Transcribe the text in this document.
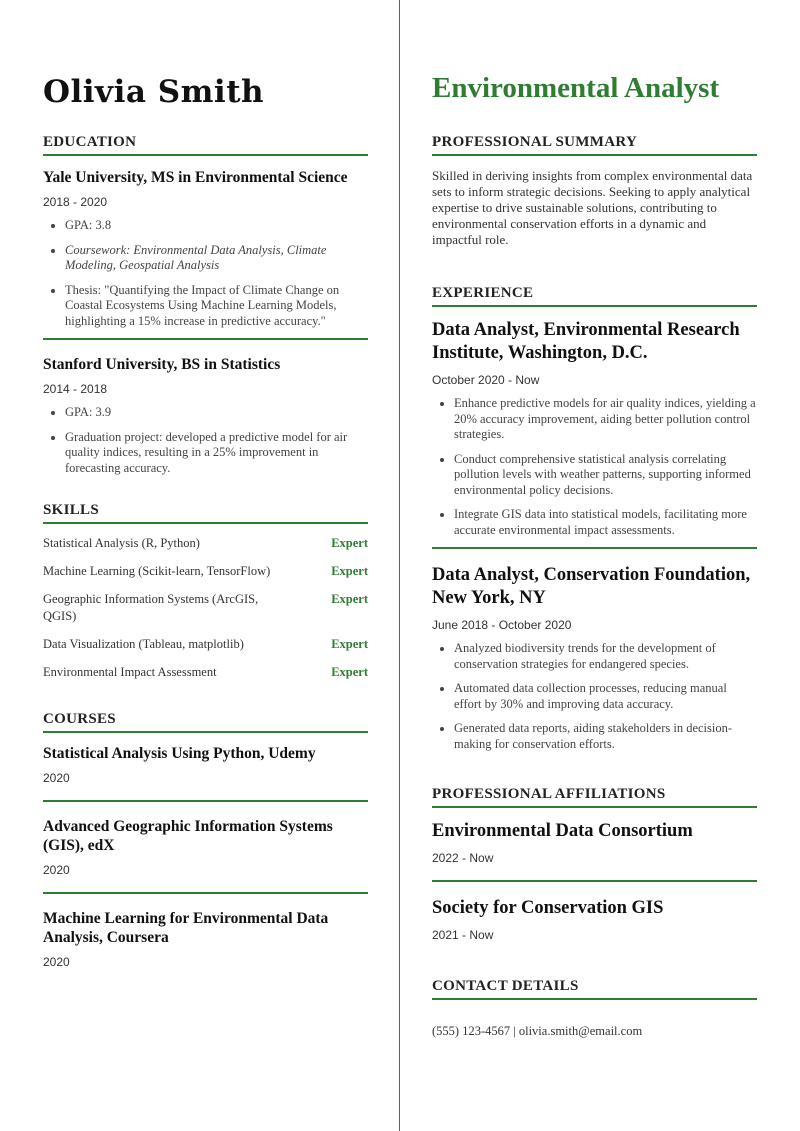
Olivia Smith
EDUCATION
Yale University, MS in Environmental Science
2018 - 2020
• GPA: 3.8
• Coursework: Environmental Data Analysis, Climate Modeling, Geospatial Analysis
• Thesis: "Quantifying the Impact of Climate Change on Coastal Ecosystems Using Machine Learning Models, highlighting a 15% increase in predictive accuracy."
Stanford University, BS in Statistics
2014 - 2018
• GPA: 3.9
• Graduation project: developed a predictive model for air quality indices, resulting in a 25% improvement in forecasting accuracy.
SKILLS
Statistical Analysis (R, Python)	Expert
Machine Learning (Scikit-learn, TensorFlow)	Expert
Geographic Information Systems (ArcGIS, QGIS)
Expert
Data Visualization (Tableau, matplotlib)	Expert
Environmental Impact Assessment	Expert
COURSES
Statistical Analysis Using Python, Udemy
2020
Advanced Geographic Information Systems (GIS), edX
2020
Machine Learning for Environmental Data Analysis, Coursera
2020
Environmental Analyst
PROFESSIONAL SUMMARY
Skilled in deriving insights from complex environmental data sets to inform strategic decisions. Seeking to apply analytical expertise to drive sustainable solutions, contributing to environmental conservation efforts in a dynamic and impactful role.
EXPERIENCE
Data Analyst, Environmental Research Institute, Washington, D.C.
October 2020 - Now
• Enhance predictive models for air quality indices, yielding a 20% accuracy improvement, aiding better pollution control strategies.
• Conduct comprehensive statistical analysis correlating pollution levels with weather patterns, supporting informed environmental policy decisions.
• Integrate GIS data into statistical models, facilitating more accurate environmental impact assessments.
Data Analyst, Conservation Foundation, New York, NY
June 2018 - October 2020
• Analyzed biodiversity trends for the development of conservation strategies for endangered species.
• Automated data collection processes, reducing manual effort by 30% and improving data accuracy.
• Generated data reports, aiding stakeholders in decision-making for conservation efforts.
PROFESSIONAL AFFILIATIONS
Environmental Data Consortium
2022 - Now
Society for Conservation GIS
2021 - Now
CONTACT DETAILS
(555) 123-4567 | olivia.smith@email.com
